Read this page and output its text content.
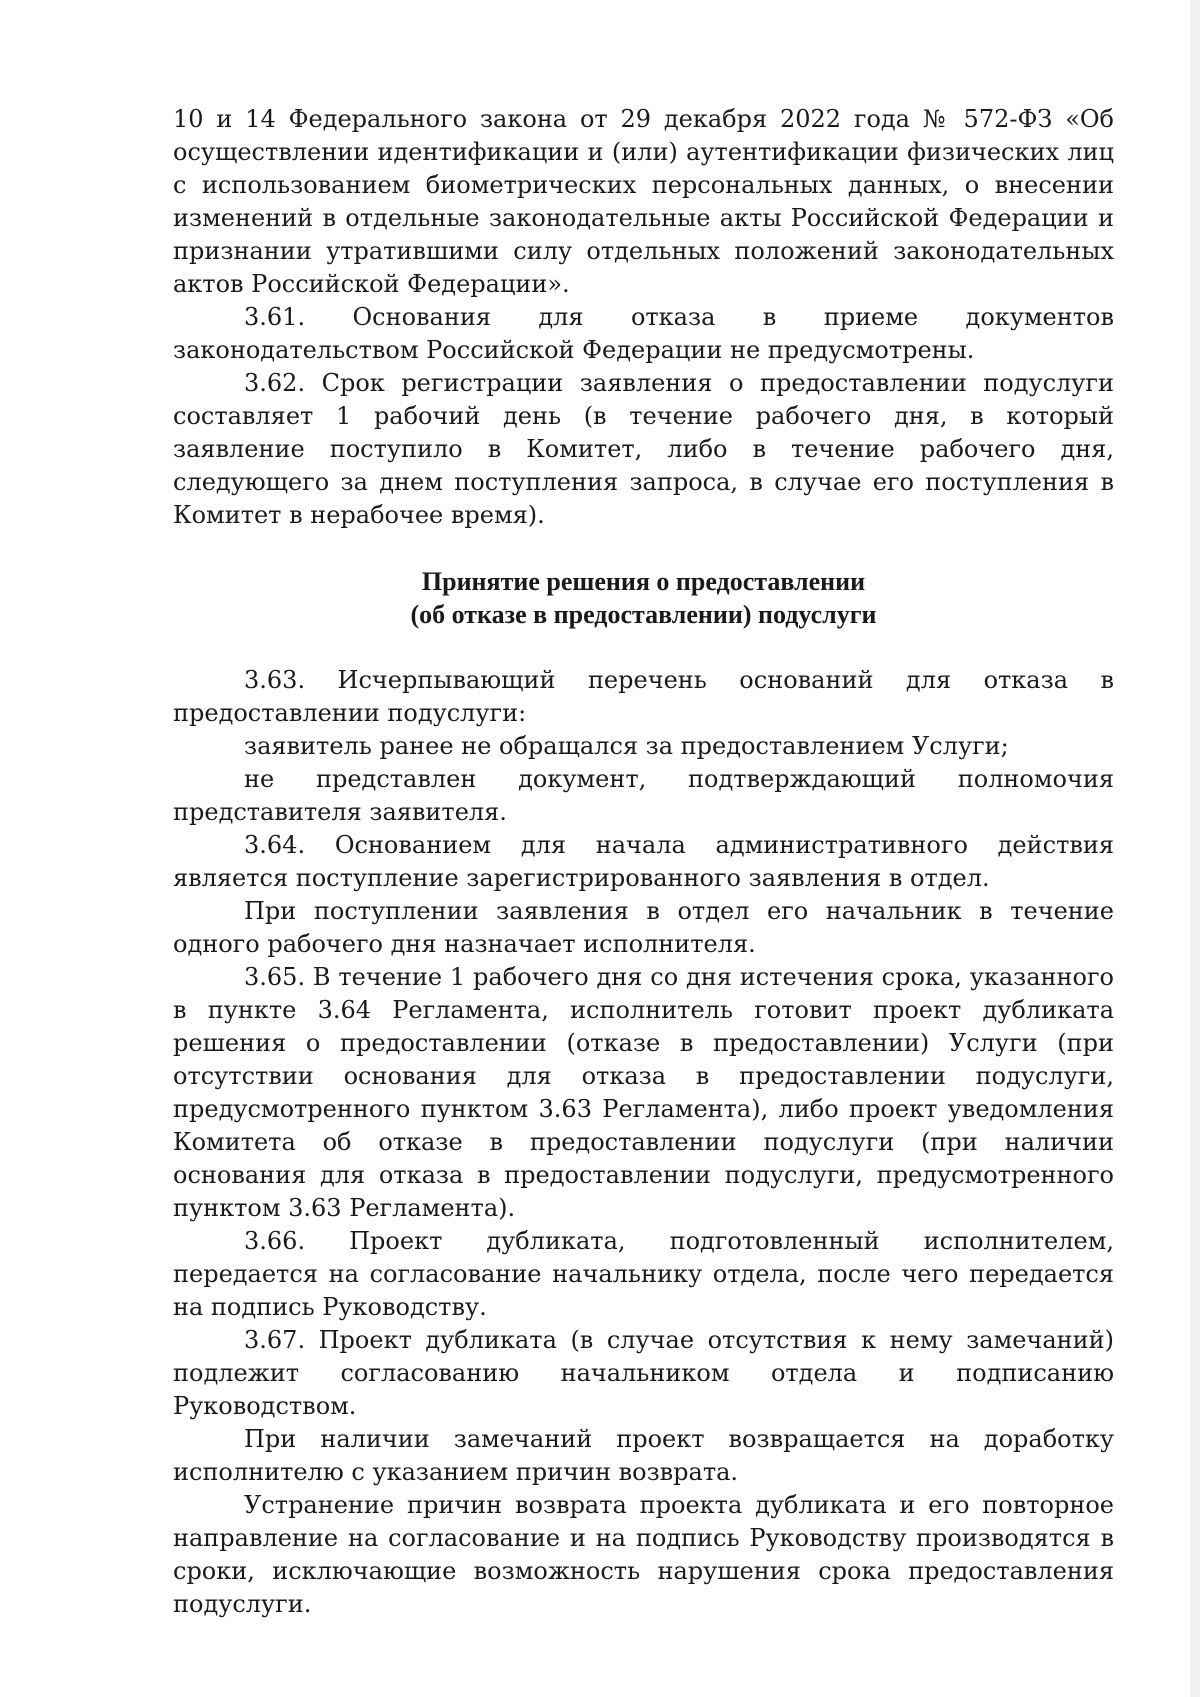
10 и 14 Федерального закона от 29 декабря 2022 года № 572-ФЗ «Об осуществлении идентификации и (или) аутентификации физических лиц с использованием биометрических персональных данных, о внесении изменений в отдельные законодательные акты Российской Федерации и признании утратившими силу отдельных положений законодательных актов Российской Федерации».

3.61. Основания для отказа в приеме документов законодательством Российской Федерации не предусмотрены.

3.62. Срок регистрации заявления о предоставлении подуслуги составляет 1 рабочий день (в течение рабочего дня, в который заявление поступило в Комитет, либо в течение рабочего дня, следующего за днем поступления запроса, в случае его поступления в Комитет в нерабочее время).

Принятие решения о предоставлении
(об отказе в предоставлении) подуслуги

3.63. Исчерпывающий перечень оснований для отказа в предоставлении подуслуги:

заявитель ранее не обращался за предоставлением Услуги;

не представлен документ, подтверждающий полномочия представителя заявителя.

3.64. Основанием для начала административного действия является поступление зарегистрированного заявления в отдел.

При поступлении заявления в отдел его начальник в течение одного рабочего дня назначает исполнителя.

3.65. В течение 1 рабочего дня со дня истечения срока, указанного в пункте 3.64 Регламента, исполнитель готовит проект дубликата решения о предоставлении (отказе в предоставлении) Услуги (при отсутствии основания для отказа в предоставлении подуслуги, предусмотренного пунктом 3.63 Регламента), либо проект уведомления Комитета об отказе в предоставлении подуслуги (при наличии основания для отказа в предоставлении подуслуги, предусмотренного пунктом 3.63 Регламента).

3.66. Проект дубликата, подготовленный исполнителем, передается на согласование начальнику отдела, после чего передается на подпись Руководству.

3.67. Проект дубликата (в случае отсутствия к нему замечаний) подлежит согласованию начальником отдела и подписанию Руководством.

При наличии замечаний проект возвращается на доработку исполнителю с указанием причин возврата.

Устранение причин возврата проекта дубликата и его повторное направление на согласование и на подпись Руководству производятся в сроки, исключающие возможность нарушения срока предоставления подуслуги.
